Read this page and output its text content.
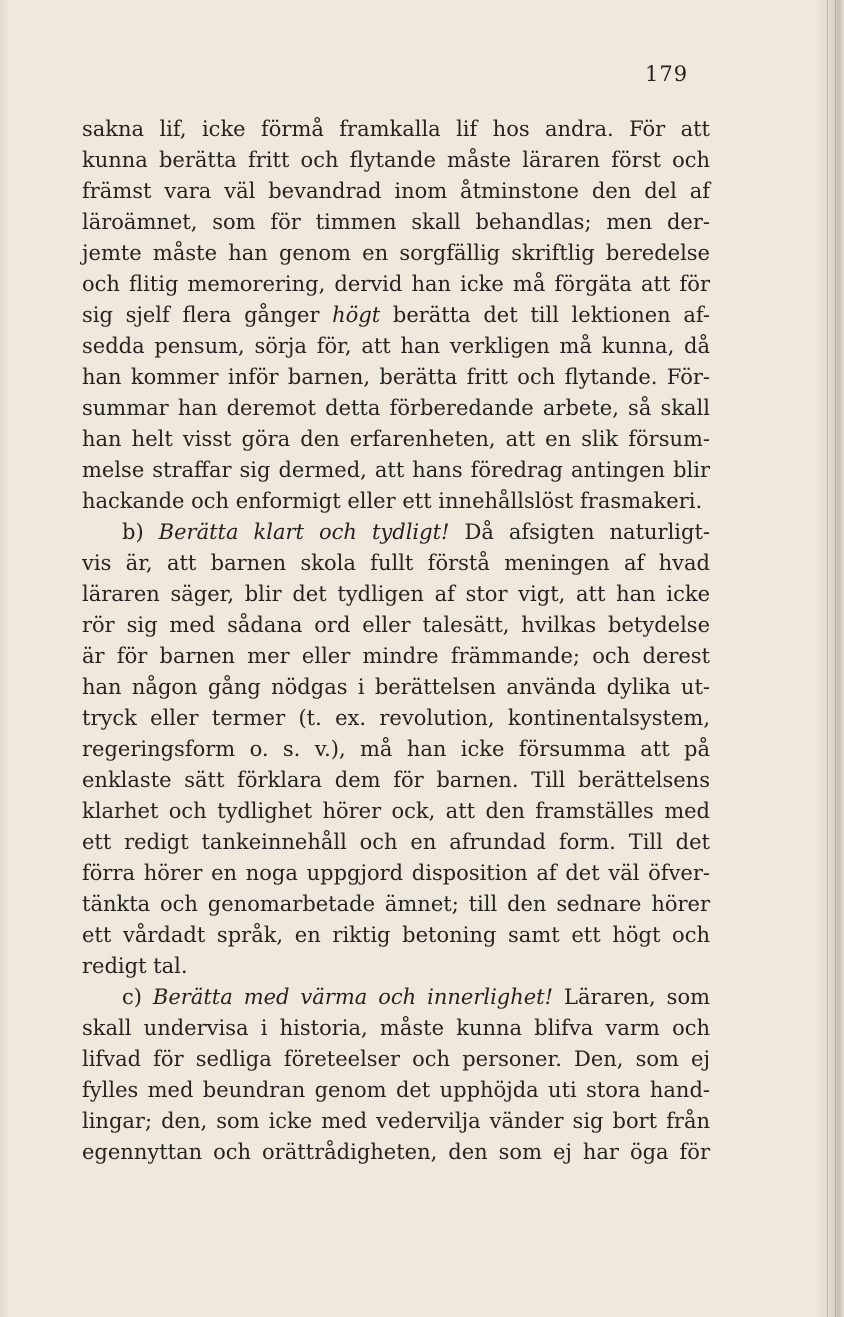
179
sakna lif, icke förmå framkalla lif hos andra. För att
kunna berätta fritt och flytande måste läraren först och
främst vara väl bevandrad inom åtminstone den del af
läroämnet, som för timmen skall behandlas; men der-
jemte måste han genom en sorgfällig skriftlig beredelse
och flitig memorering, dervid han icke må förgäta att för
sig sjelf flera gånger högt berätta det till lektionen af-
sedda pensum, sörja för, att han verkligen må kunna, då
han kommer inför barnen, berätta fritt och flytande. För-
summar han deremot detta förberedande arbete, så skall
han helt visst göra den erfarenheten, att en slik försum-
melse straffar sig dermed, att hans föredrag antingen blir
hackande och enformigt eller ett innehållslöst frasmakeri.
b) Berätta klart och tydligt! Då afsigten naturligt-
vis är, att barnen skola fullt förstå meningen af hvad
läraren säger, blir det tydligen af stor vigt, att han icke
rör sig med sådana ord eller talesätt, hvilkas betydelse
är för barnen mer eller mindre främmande; och derest
han någon gång nödgas i berättelsen använda dylika ut-
tryck eller termer (t. ex. revolution, kontinentalsystem,
regeringsform o. s. v.), må han icke försumma att på
enklaste sätt förklara dem för barnen. Till berättelsens
klarhet och tydlighet hörer ock, att den framställes med
ett redigt tankeinnehåll och en afrundad form. Till det
förra hörer en noga uppgjord disposition af det väl öfver-
tänkta och genomarbetade ämnet; till den sednare hörer
ett vårdadt språk, en riktig betoning samt ett högt och
redigt tal.
c) Berätta med värma och innerlighet! Läraren, som
skall undervisa i historia, måste kunna blifva varm och
lifvad för sedliga företeelser och personer. Den, som ej
fylles med beundran genom det upphöjda uti stora hand-
lingar; den, som icke med vedervilja vänder sig bort från
egennyttan och orättrådigheten, den som ej har öga för
